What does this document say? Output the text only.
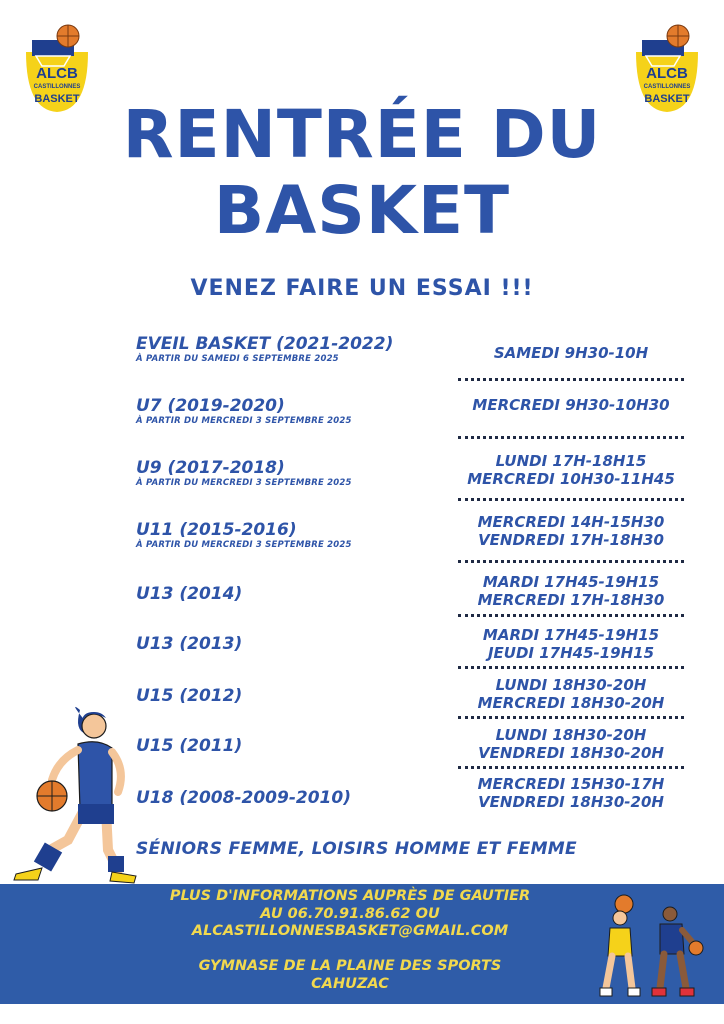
ALCB
CASTILLONNES
BASKET
ALCB
CASTILLONNES
BASKET
RENTRÉE DU
BASKET
VENEZ FAIRE UN ESSAI !!!
EVEIL BASKET (2021-2022)
À PARTIR DU SAMEDI 6 SEPTEMBRE 2025	SAMEDI 9H30-10H
U7 (2019-2020)
À PARTIR DU MERCREDI 3 SEPTEMBRE 2025
MERCREDI 9H30-10H30
U9 (2017-2018)
À PARTIR DU MERCREDI 3 SEPTEMBRE 2025
LUNDI 17H-18H15
MERCREDI 10H30-11H45
U11 (2015-2016)
À PARTIR DU MERCREDI 3 SEPTEMBRE 2025
MERCREDI 14H-15H30
VENDREDI 17H-18H30
U13 (2014)
MARDI 17H45-19H15
MERCREDI 17H-18H30
U13 (2013)	MARDI 17H45-19H15
JEUDI 17H45-19H15
U15 (2012)
LUNDI 18H30-20H
MERCREDI 18H30-20H
U15 (2011)
LUNDI 18H30-20H
VENDREDI 18H30-20H
U18 (2008-2009-2010)
MERCREDI 15H30-17H
VENDREDI 18H30-20H
SÉNIORS FEMME, LOISIRS HOMME ET FEMME
PLUS D'INFORMATIONS AUPRÈS DE GAUTIER
AU 06.70.91.86.62 OU
ALCASTILLONNESBASKET@GMAIL.COM

GYMNASE DE LA PLAINE DES SPORTS
CAHUZAC
